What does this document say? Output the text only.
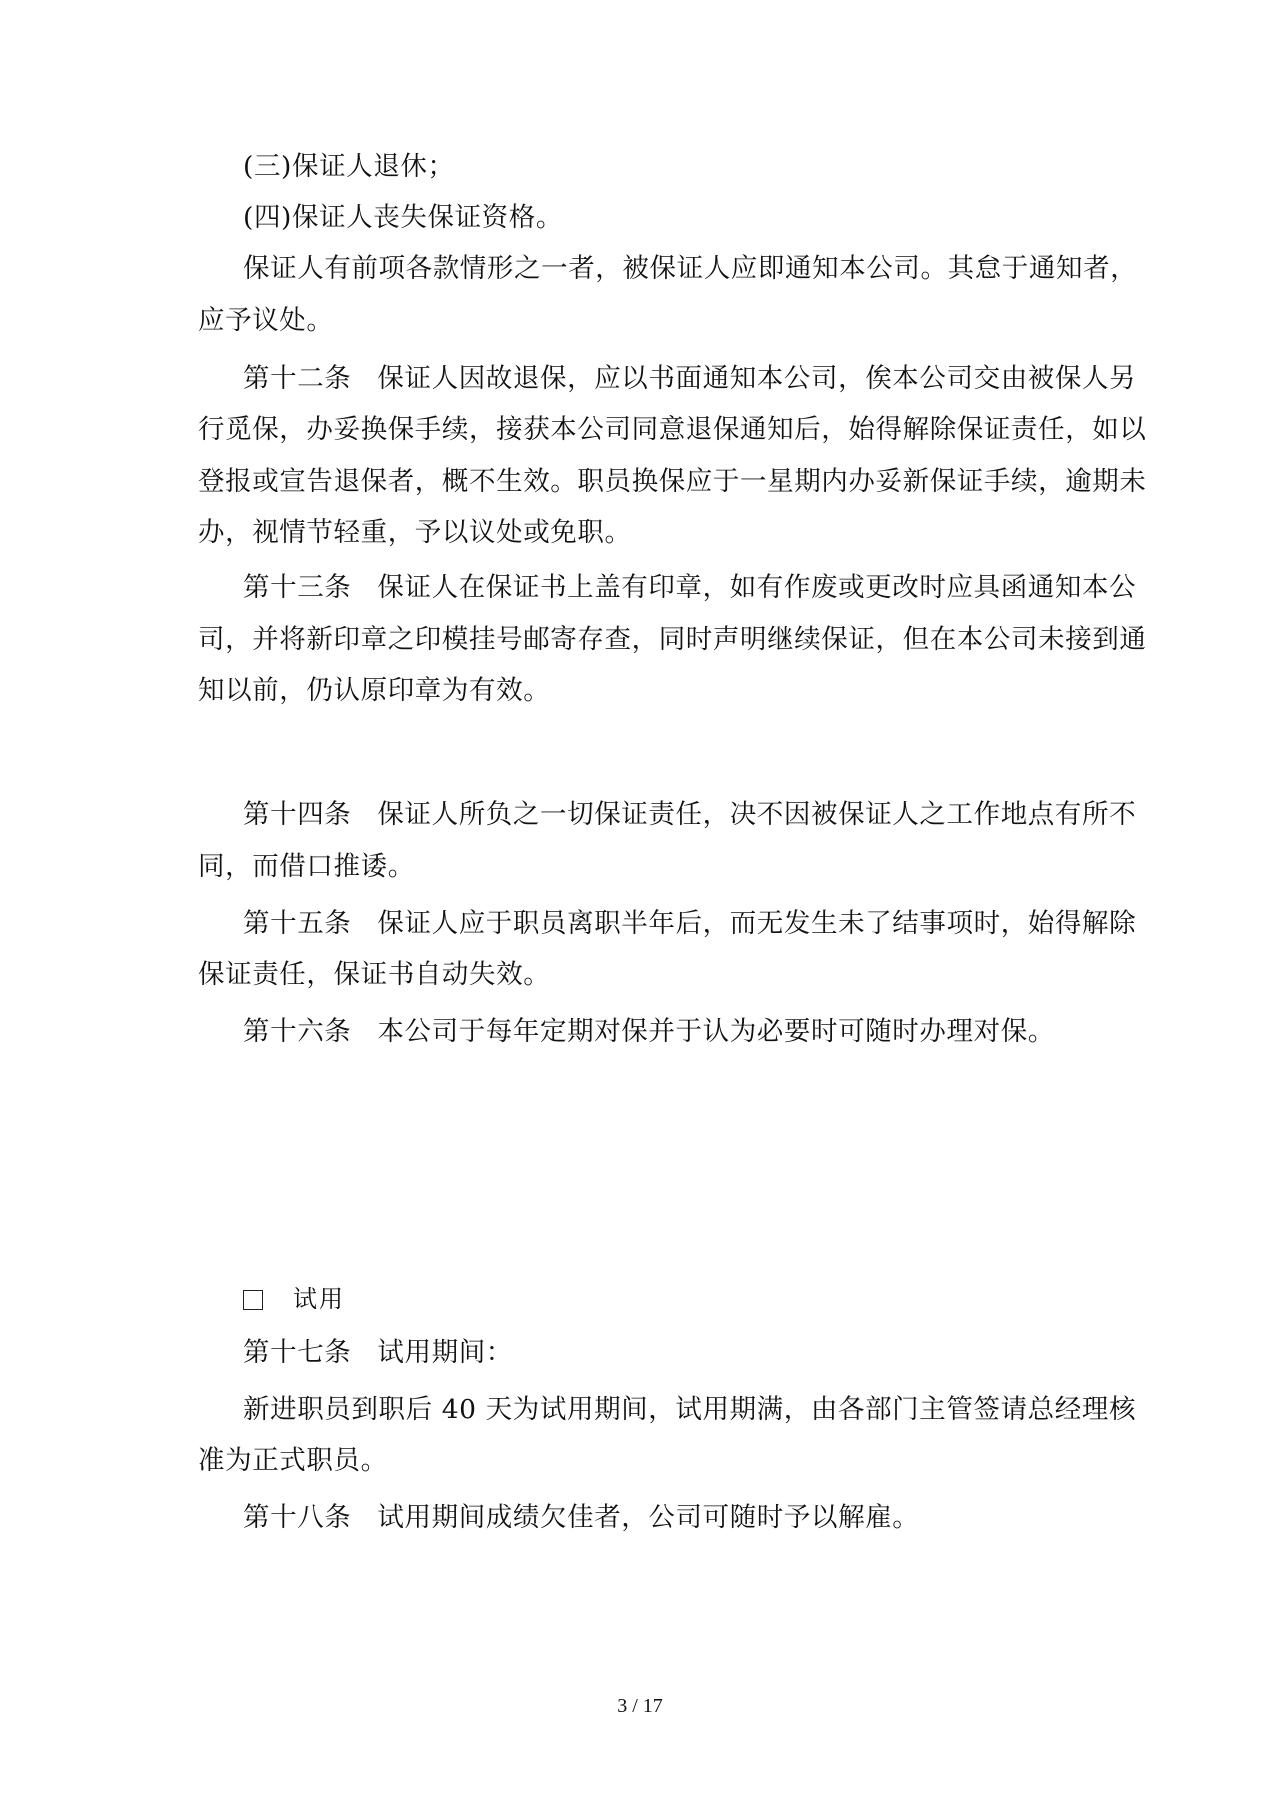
(三)保证人退休；
(四)保证人丧失保证资格。
保证人有前项各款情形之一者，被保证人应即通知本公司。其怠于通知者，
应予议处。
第十二条 保证人因故退保，应以书面通知本公司，俟本公司交由被保人另
行觅保，办妥换保手续，接获本公司同意退保通知后，始得解除保证责任，如以
登报或宣告退保者，概不生效。职员换保应于一星期内办妥新保证手续，逾期未
办，视情节轻重，予以议处或免职。
第十三条 保证人在保证书上盖有印章，如有作废或更改时应具函通知本公
司，并将新印章之印模挂号邮寄存查，同时声明继续保证，但在本公司未接到通
知以前，仍认原印章为有效。
第十四条 保证人所负之一切保证责任，决不因被保证人之工作地点有所不
同，而借口推诿。
第十五条 保证人应于职员离职半年后，而无发生未了结事项时，始得解除
保证责任，保证书自动失效。
第十六条 本公司于每年定期对保并于认为必要时可随时办理对保。
试用
第十七条 试用期间：
新进职员到职后 40 天为试用期间，试用期满，由各部门主管签请总经理核
准为正式职员。
第十八条 试用期间成绩欠佳者，公司可随时予以解雇。
3 / 17
